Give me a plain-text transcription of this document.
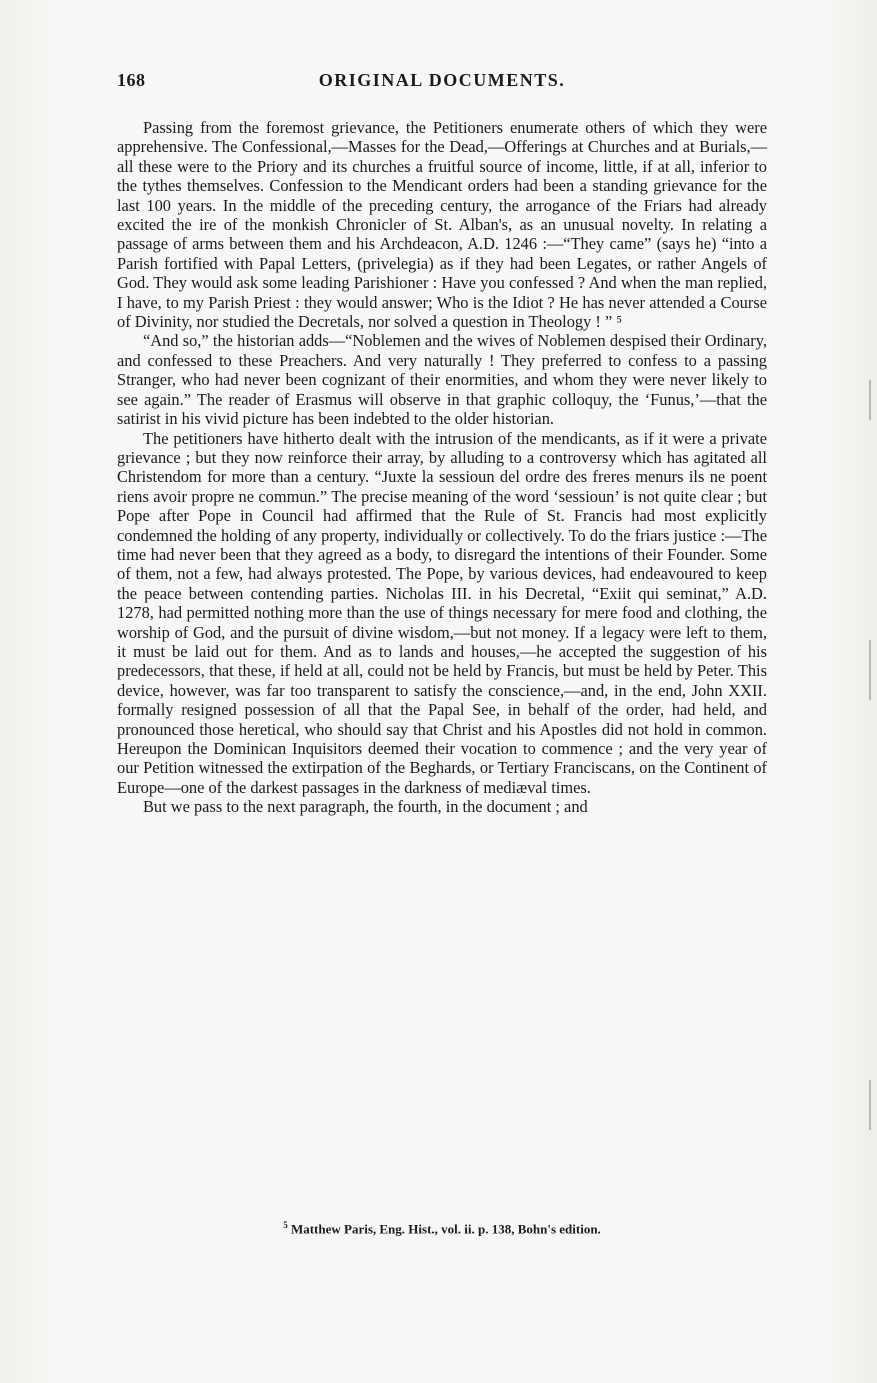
168	ORIGINAL DOCUMENTS.

Passing from the foremost grievance, the Petitioners enumerate others of which they were apprehensive. The Confessional,—Masses for the Dead,—Offerings at Churches and at Burials,—all these were to the Priory and its churches a fruitful source of income, little, if at all, inferior to the tythes themselves. Confession to the Mendicant orders had been a standing grievance for the last 100 years. In the middle of the preceding century, the arrogance of the Friars had already excited the ire of the monkish Chronicler of St. Alban's, as an unusual novelty. In relating a passage of arms between them and his Archdeacon, A.D. 1246 :—“They came” (says he) “into a Parish fortified with Papal Letters, (privelegia) as if they had been Legates, or rather Angels of God. They would ask some leading Parishioner : Have you confessed ? And when the man replied, I have, to my Parish Priest : they would answer; Who is the Idiot ? He has never attended a Course of Divinity, nor studied the Decretals, nor solved a question in Theology ! ” ⁵

“And so,” the historian adds—“Noblemen and the wives of Noblemen despised their Ordinary, and confessed to these Preachers. And very naturally ! They preferred to confess to a passing Stranger, who had never been cognizant of their enormities, and whom they were never likely to see again.” The reader of Erasmus will observe in that graphic colloquy, the ‘Funus,’—that the satirist in his vivid picture has been indebted to the older historian.

The petitioners have hitherto dealt with the intrusion of the mendicants, as if it were a private grievance ; but they now reinforce their array, by alluding to a controversy which has agitated all Christendom for more than a century. “Juxte la sessioun del ordre des freres menurs ils ne poent riens avoir propre ne commun.” The precise meaning of the word ‘sessioun’ is not quite clear ; but Pope after Pope in Council had affirmed that the Rule of St. Francis had most explicitly condemned the holding of any property, individually or collectively. To do the friars justice :—The time had never been that they agreed as a body, to disregard the intentions of their Founder. Some of them, not a few, had always protested. The Pope, by various devices, had endeavoured to keep the peace between contending parties. Nicholas III. in his Decretal, “Exiit qui seminat,” A.D. 1278, had permitted nothing more than the use of things necessary for mere food and clothing, the worship of God, and the pursuit of divine wisdom,—but not money. If a legacy were left to them, it must be laid out for them. And as to lands and houses,—he accepted the suggestion of his predecessors, that these, if held at all, could not be held by Francis, but must be held by Peter. This device, however, was far too transparent to satisfy the conscience,—and, in the end, John XXII. formally resigned possession of all that the Papal See, in behalf of the order, had held, and pronounced those heretical, who should say that Christ and his Apostles did not hold in common. Hereupon the Dominican Inquisitors deemed their vocation to commence ; and the very year of our Petition witnessed the extirpation of the Beghards, or Tertiary Franciscans, on the Continent of Europe—one of the darkest passages in the darkness of mediæval times.

But we pass to the next paragraph, the fourth, in the document ; and

$^5$ Matthew Paris, Eng. Hist., vol. ii. p. 138, Bohn's edition.
